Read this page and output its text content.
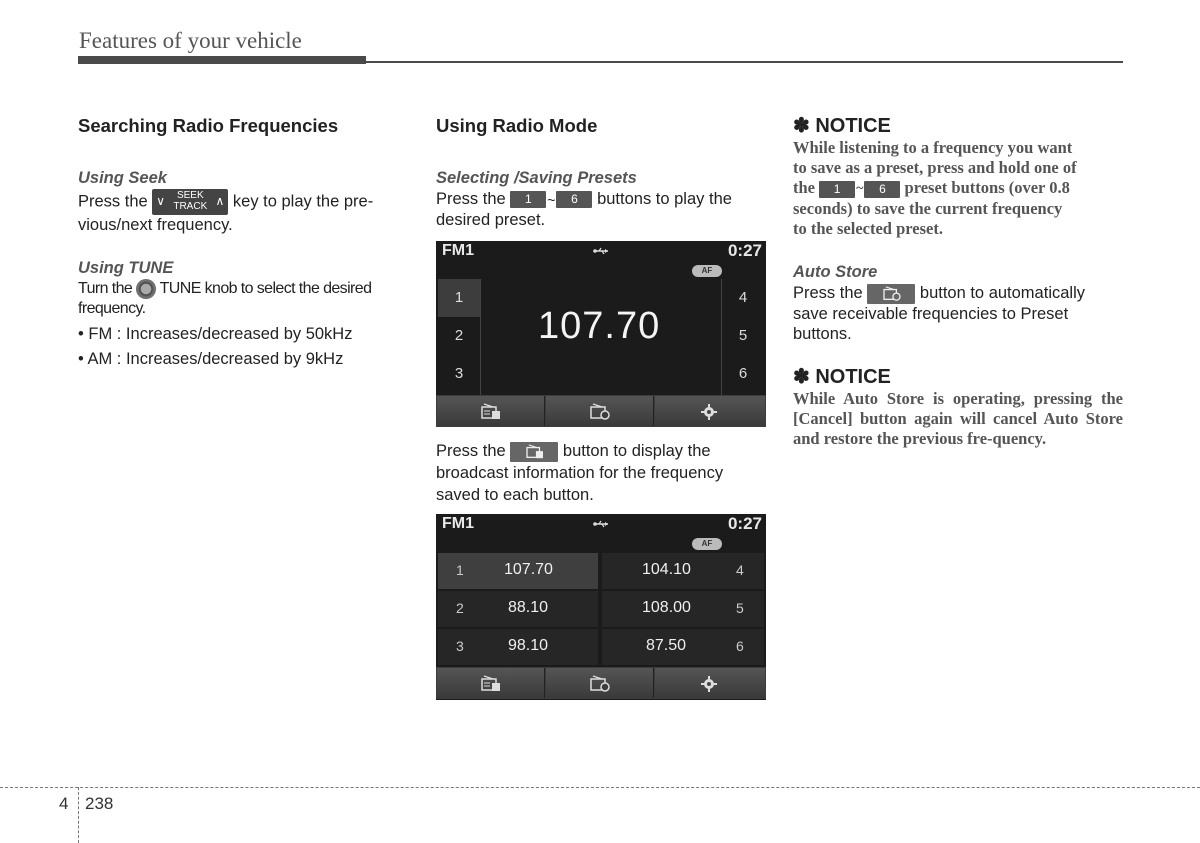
Features of your vehicle
Searching Radio Frequencies
Using Seek

Press the ∨	SEEK
TRACK ∧ key to play the pre-
vious/next frequency.

Using TUNE

Turn the TUNE knob to select the desired
frequency.

• FM : Increases/decreased by 50kHz

• AM : Increases/decreased by 9kHz

Using Radio Mode
Selecting /Saving Presets

Press the 1 ~ 6 buttons to play the
desired preset.

FM1	0:27
AF
1
2
3
107.70
4
5
6

Press the	button to display the
broadcast information for the frequency
saved to each button.

FM1	0:27
AF
1	107.70
2	88.10
3	98.10
104.10	4
108.00	5
87.50	6
✽ NOTICE
While listening to a frequency you want
to save as a preset, press and hold one of
the 1 ~ 6 preset buttons (over 0.8
seconds) to save the current frequency
to the selected preset.
Auto Store

Press the	button to automatically
save receivable frequencies to Preset
buttons.

✽ NOTICE
While Auto Store is operating, pressing the [Cancel] button again will cancel Auto Store and restore the previous fre-quency.
4 238
